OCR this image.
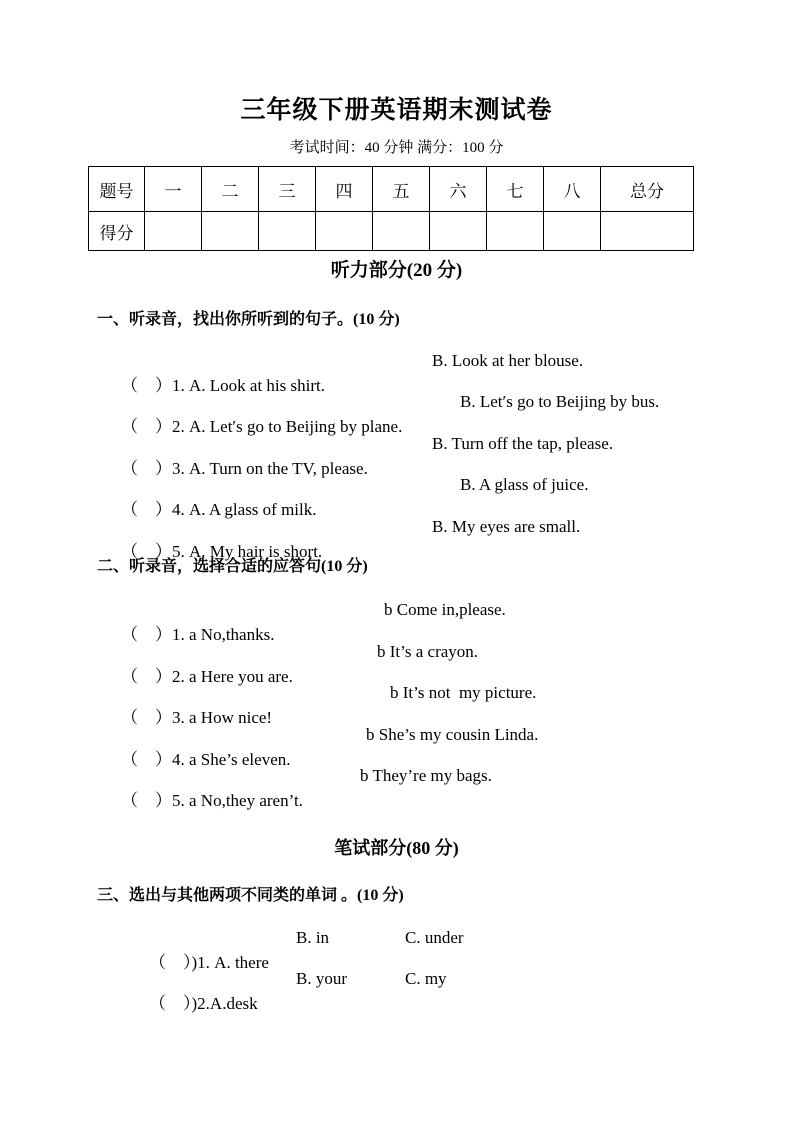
三年级下册英语期末测试卷
考试时间：40 分钟 满分：100 分
题号	一	二	三	四	五	六	七	八	总分
得分									
听力部分(20 分)
一、听录音，找出你所听到的句子。(10 分)

（　）1. A. Look at his shirt.

B. Look at her blouse.

（　）2. A. Let′s go to Beijing by plane.

B. Let′s go to Beijing by bus.

（　）3. A. Turn on the TV, please.

B. Turn off the tap, please.

（　）4. A. A glass of milk.

B. A glass of juice.

（　）5. A. My hair is short.

B. My eyes are small.
二、听录音，选择合适的应答句(10 分)

（　）1. a No,thanks.

b Come in,please.

（　）2. a Here you are.

b It’s a crayon.

（　）3. a How nice!

b It’s not  my picture.

（　）4. a She’s eleven.

b She’s my cousin Linda.

（　）5. a No,they aren’t.

b They’re my bags.
笔试部分(80 分)
三、选出与其他两项不同类的单词 。(10 分)

（　）)1. A. there

B. in	C. under

（　）)2.A.desk

B. your	C. my
